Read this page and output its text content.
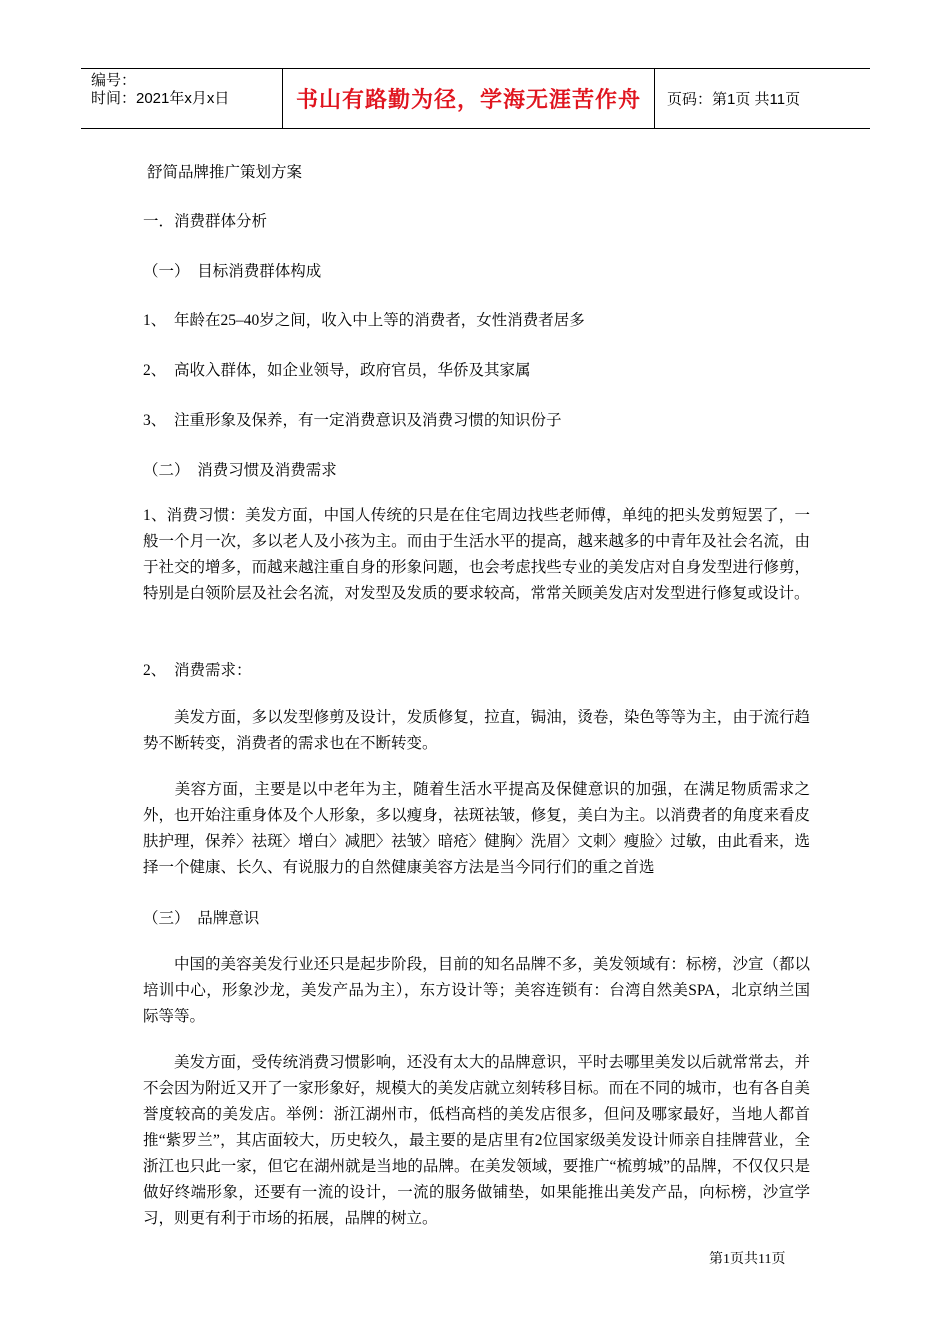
编号：
时间：2021年x月x日	书山有路勤为径，学海无涯苦作舟	页码：第1页 共11页
舒简品牌推广策划方案
一．消费群体分析
（一）　目标消费群体构成
1、　年龄在25–40岁之间，收入中上等的消费者，女性消费者居多
2、　高收入群体，如企业领导，政府官员，华侨及其家属
3、　注重形象及保养，有一定消费意识及消费习惯的知识份子
（二）　消费习惯及消费需求
1、消费习惯：美发方面，中国人传统的只是在住宅周边找些老师傅，单纯的把头发剪短罢了，一般一个月一次，多以老人及小孩为主。而由于生活水平的提高，越来越多的中青年及社会名流，由于社交的增多，而越来越注重自身的形象问题，也会考虑找些专业的美发店对自身发型进行修剪，特别是白领阶层及社会名流，对发型及发质的要求较高，常常关顾美发店对发型进行修复或设计。
2、　消费需求：
　　美发方面，多以发型修剪及设计，发质修复，拉直，锔油，烫卷，染色等等为主，由于流行趋势不断转变，消费者的需求也在不断转变。
　　美容方面，主要是以中老年为主，随着生活水平提高及保健意识的加强，在满足物质需求之外，也开始注重身体及个人形象，多以瘦身，祛斑祛皱，修复，美白为主。以消费者的角度来看皮肤护理，保养〉祛斑〉增白〉减肥〉祛皱〉暗疮〉健胸〉洗眉〉文刺〉瘦脸〉过敏，由此看来，选择一个健康、长久、有说服力的自然健康美容方法是当今同行们的重之首选
（三）　品牌意识
　　中国的美容美发行业还只是起步阶段，目前的知名品牌不多，美发领域有：标榜，沙宣（都以培训中心，形象沙龙，美发产品为主），东方设计等；美容连锁有：台湾自然美SPA，北京纳兰国际等等。
　　美发方面，受传统消费习惯影响，还没有太大的品牌意识，平时去哪里美发以后就常常去，并不会因为附近又开了一家形象好，规模大的美发店就立刻转移目标。而在不同的城市，也有各自美誉度较高的美发店。举例：浙江湖州市，低档高档的美发店很多，但问及哪家最好，当地人都首推“紫罗兰”，其店面较大，历史较久，最主要的是店里有2位国家级美发设计师亲自挂牌营业，全浙江也只此一家，但它在湖州就是当地的品牌。在美发领域，要推广“梳剪城”的品牌，不仅仅只是做好终端形象，还要有一流的设计，一流的服务做铺垫，如果能推出美发产品，向标榜，沙宣学习，则更有利于市场的拓展，品牌的树立。
第1页共11页
